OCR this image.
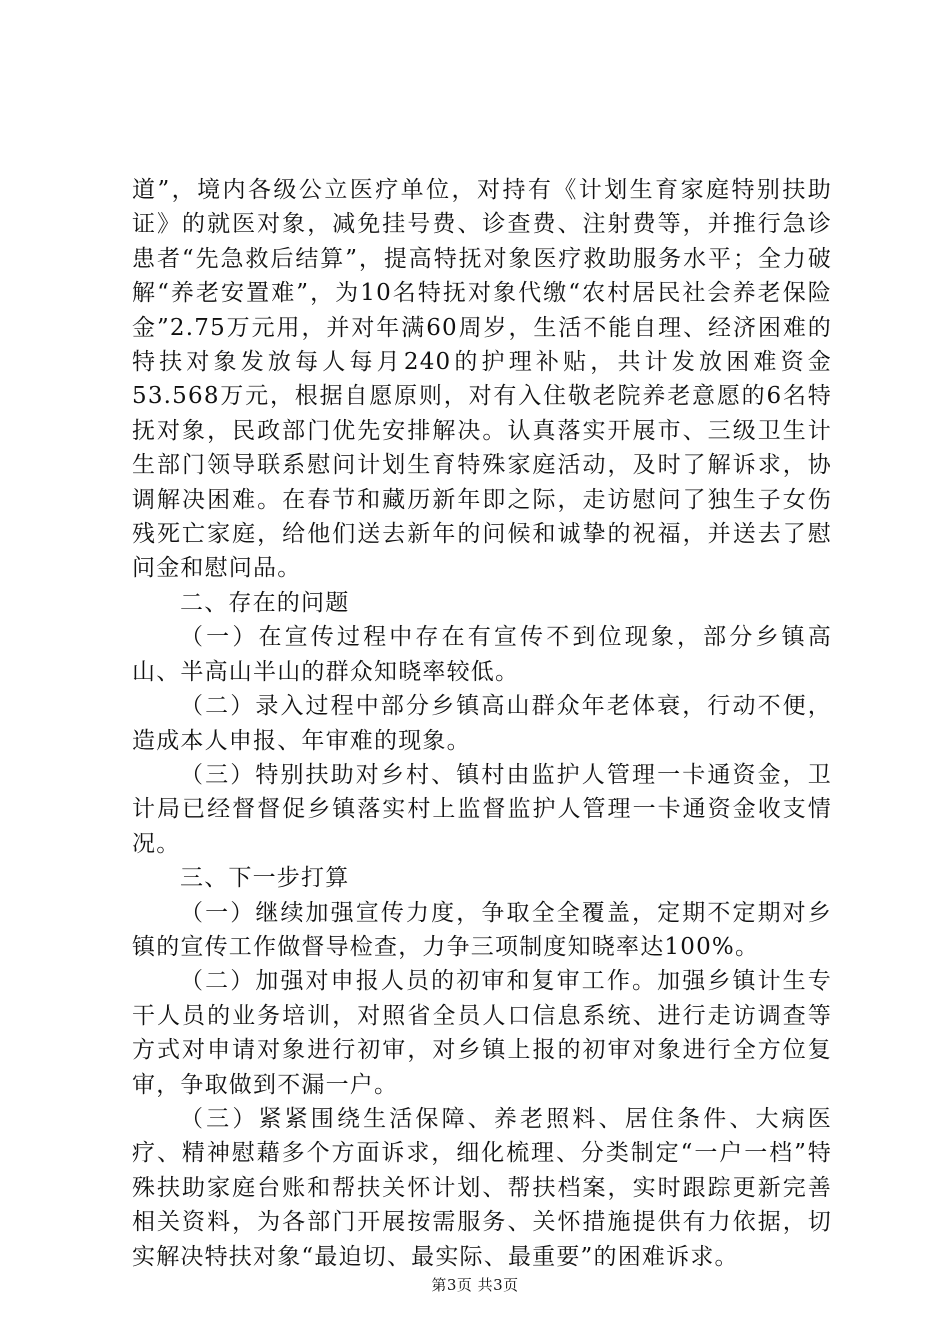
道”，境内各级公立医疗单位，对持有《计划生育家庭特别扶助证》的就医对象，减免挂号费、诊查费、注射费等，并推行急诊患者“先急救后结算”，提高特抚对象医疗救助服务水平；全力破解“养老安置难”，为10名特抚对象代缴“农村居民社会养老保险金”2.75万元用，并对年满60周岁，生活不能自理、经济困难的特扶对象发放每人每月240的护理补贴，共计发放困难资金53.568万元，根据自愿原则，对有入住敬老院养老意愿的6名特抚对象，民政部门优先安排解决。认真落实开展市、三级卫生计生部门领导联系慰问计划生育特殊家庭活动，及时了解诉求，协调解决困难。在春节和藏历新年即之际，走访慰问了独生子女伤残死亡家庭，给他们送去新年的问候和诚挚的祝福，并送去了慰问金和慰问品。

二、存在的问题

（一）在宣传过程中存在有宣传不到位现象，部分乡镇高山、半高山半山的群众知晓率较低。

（二）录入过程中部分乡镇高山群众年老体衰，行动不便，造成本人申报、年审难的现象。

（三）特别扶助对乡村、镇村由监护人管理一卡通资金，卫计局已经督督促乡镇落实村上监督监护人管理一卡通资金收支情况。

三、下一步打算

（一）继续加强宣传力度，争取全全覆盖，定期不定期对乡镇的宣传工作做督导检查，力争三项制度知晓率达100%。

（二）加强对申报人员的初审和复审工作。加强乡镇计生专干人员的业务培训，对照省全员人口信息系统、进行走访调查等方式对申请对象进行初审，对乡镇上报的初审对象进行全方位复审，争取做到不漏一户。

（三）紧紧围绕生活保障、养老照料、居住条件、大病医疗、精神慰藉多个方面诉求，细化梳理、分类制定“一户一档”特殊扶助家庭台账和帮扶关怀计划、帮扶档案，实时跟踪更新完善相关资料，为各部门开展按需服务、关怀措施提供有力依据，切实解决特扶对象“最迫切、最实际、最重要”的困难诉求。

第3页 共3页
